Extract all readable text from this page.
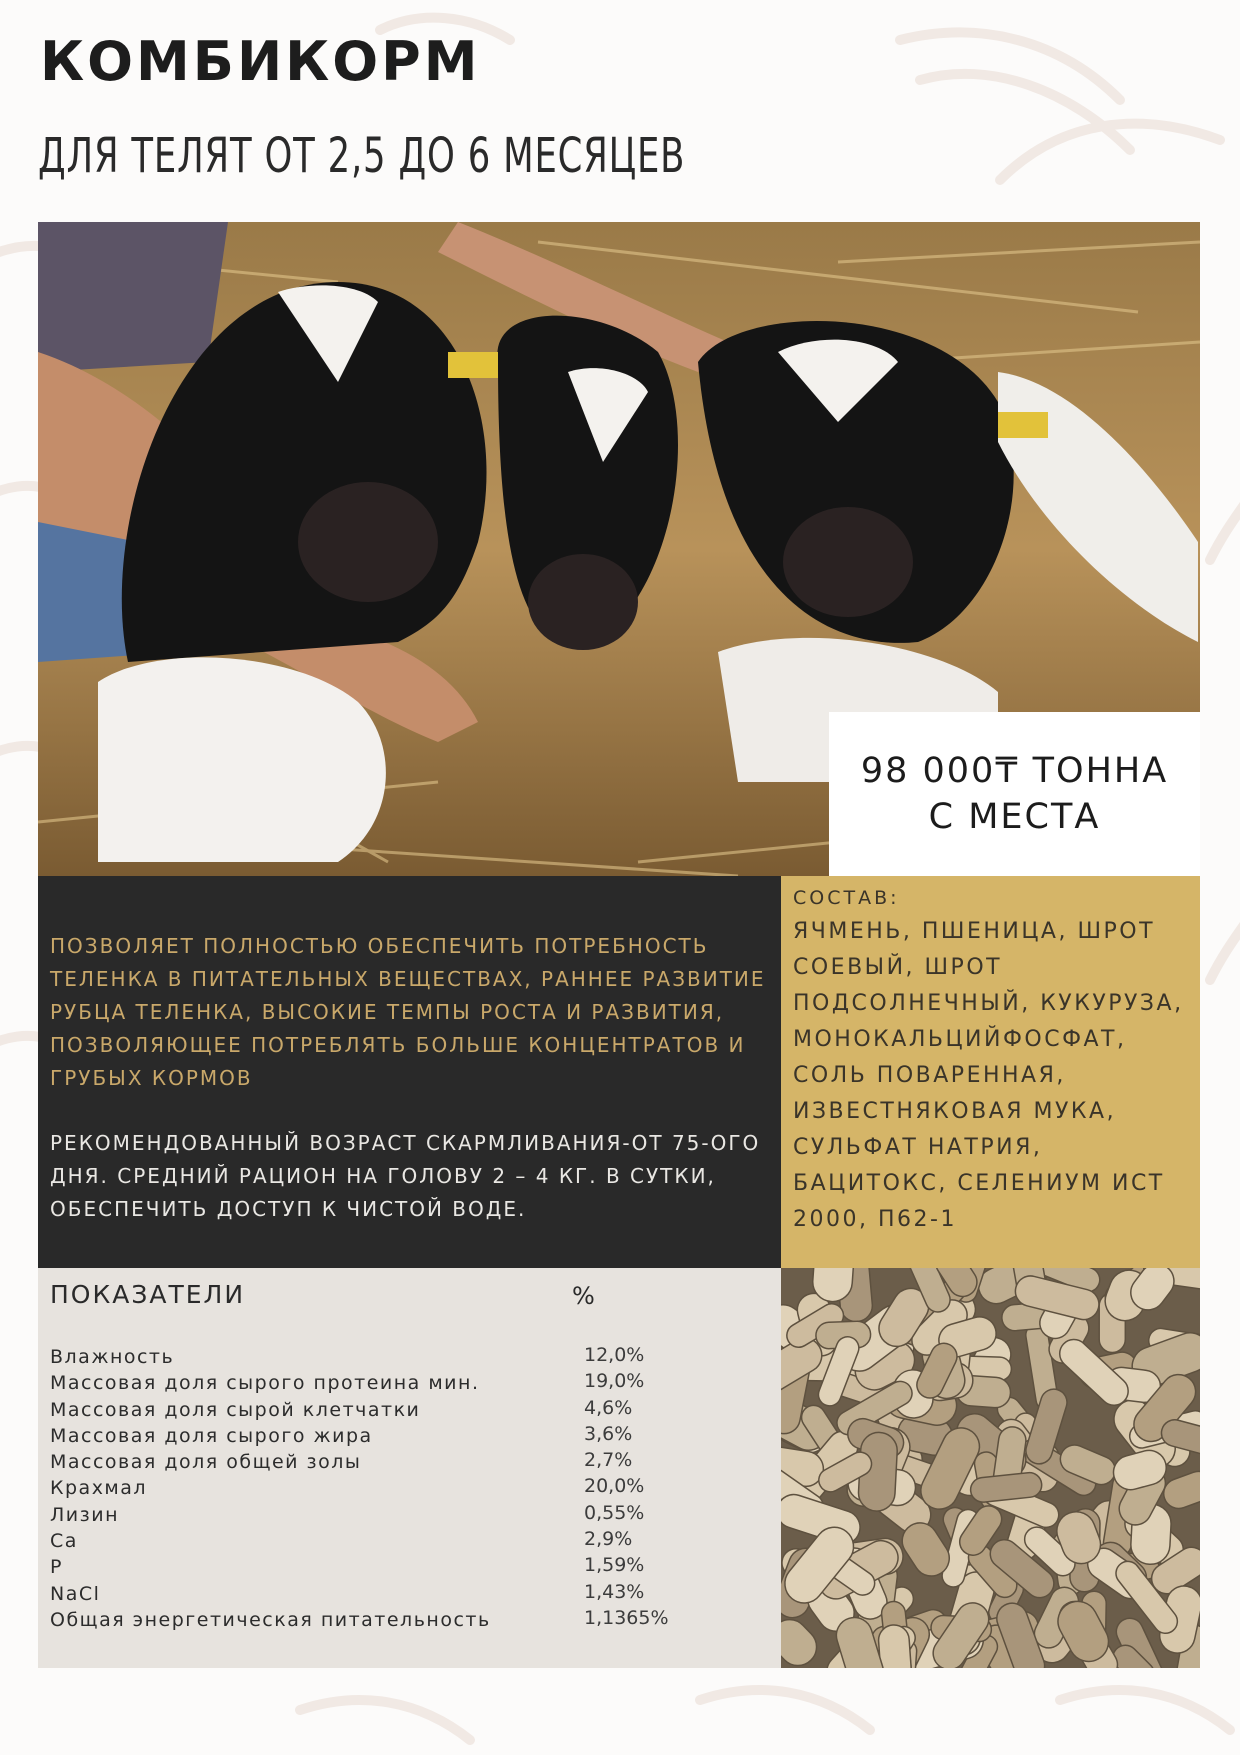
КОМБИКОРМ
ДЛЯ ТЕЛЯТ ОТ 2,5 ДО 6 МЕСЯЦЕВ
98 000₸ ТОННА
С МЕСТА

ПОЗВОЛЯЕТ ПОЛНОСТЬЮ ОБЕСПЕЧИТЬ ПОТРЕБНОСТЬ ТЕЛЕНКА В ПИТАТЕЛЬНЫХ ВЕЩЕСТВАХ, РАННЕЕ РАЗВИТИЕ РУБЦА ТЕЛЕНКА, ВЫСОКИЕ ТЕМПЫ РОСТА И РАЗВИТИЯ, ПОЗВОЛЯЮЩЕЕ ПОТРЕБЛЯТЬ БОЛЬШЕ КОНЦЕНТРАТОВ И ГРУБЫХ КОРМОВ

РЕКОМЕНДОВАННЫЙ ВОЗРАСТ СКАРМЛИВАНИЯ-ОТ 75-ОГО ДНЯ. СРЕДНИЙ РАЦИОН НА ГОЛОВУ 2 – 4 КГ. В СУТКИ, ОБЕСПЕЧИТЬ ДОСТУП К ЧИСТОЙ ВОДЕ.

СОСТАВ:
ЯЧМЕНЬ, ПШЕНИЦА, ШРОТ СОЕВЫЙ, ШРОТ ПОДСОЛНЕЧНЫЙ, КУКУРУЗА, МОНОКАЛЬЦИЙФОСФАТ, СОЛЬ ПОВАРЕННАЯ, ИЗВЕСТНЯКОВАЯ МУКА, СУЛЬФАТ НАТРИЯ, БАЦИТОКС, СЕЛЕНИУМ ИСТ 2000, П62-1
ПОКАЗАТЕЛИ	%
Влажность	12,0%
Массовая доля сырого протеина мин.	19,0%
Массовая доля сырой клетчатки	4,6%
Массовая доля сырого жира	3,6%
Массовая доля общей золы	2,7%
Крахмал	20,0%
Лизин	0,55%
Ca	2,9%
P	1,59%
NaCl	1,43%
Общая энергетическая питательность	1,1365%
